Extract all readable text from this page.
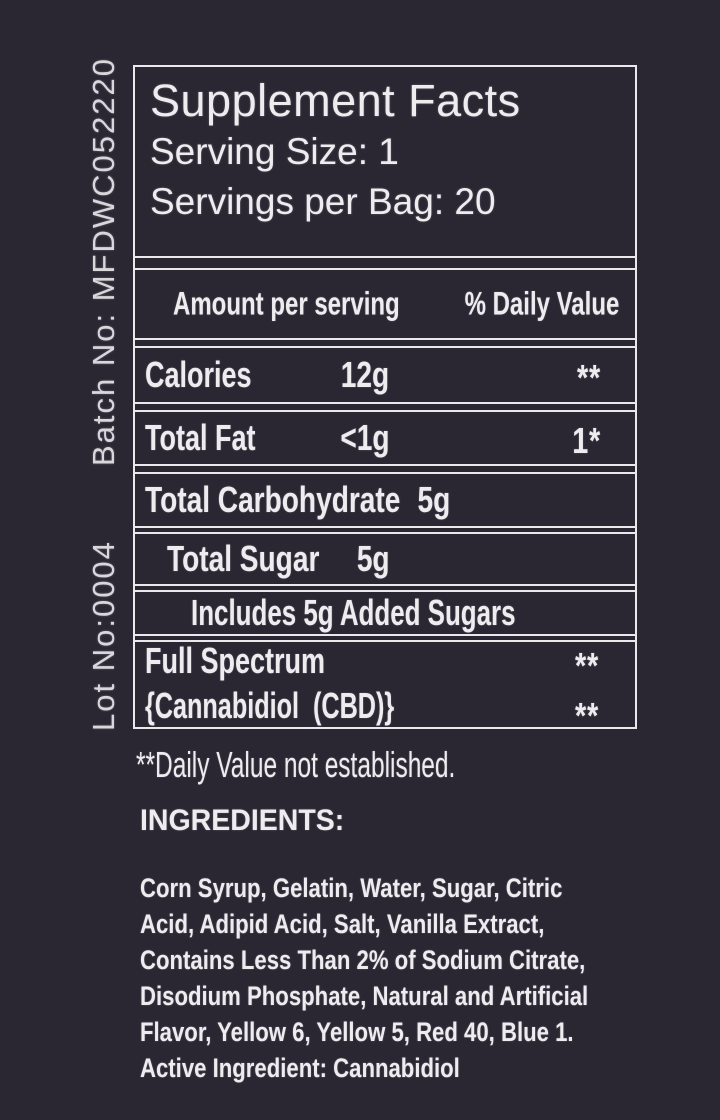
Batch No: MFDWC052220
Lot No:0004
Supplement Facts
Serving Size: 1
Servings per Bag: 20
Amount per serving % Daily Value
Calories 12g	**
Total Fat <1g	1*
Total Carbohydrate 5g
Total Sugar 5g
Includes 5g Added Sugars
Full Spectrum	**
{Cannabidiol  (CBD)}	**
**Daily Value not established.
INGREDIENTS:
Corn Syrup, Gelatin, Water, Sugar, Citric
Acid, Adipid Acid, Salt, Vanilla Extract,
Contains Less Than 2% of Sodium Citrate,
Disodium Phosphate, Natural and Artificial
Flavor, Yellow 6, Yellow 5, Red 40, Blue 1.
Active Ingredient: Cannabidiol
